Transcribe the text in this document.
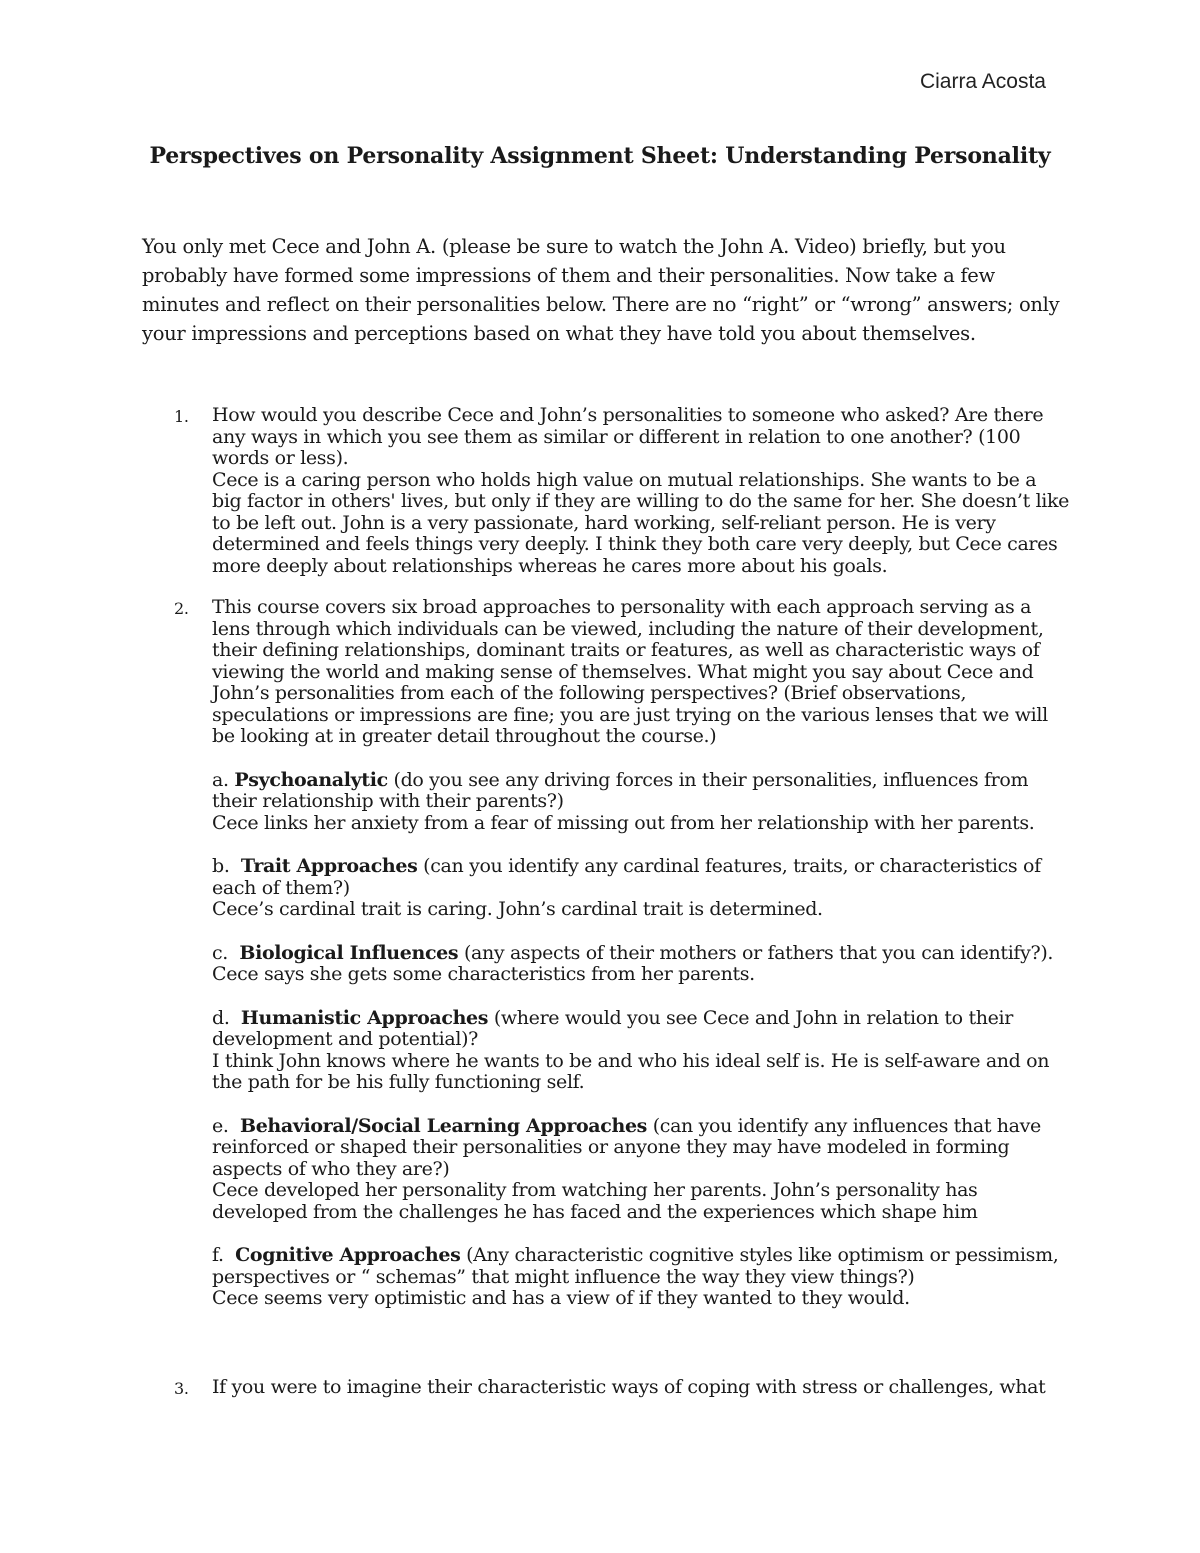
Ciarra Acosta
Perspectives on Personality Assignment Sheet: Understanding Personality

You only met Cece and John A. (please be sure to watch the John A. Video) briefly, but you probably have formed some impressions of them and their personalities. Now take a few minutes and reflect on their personalities below. There are no “right” or “wrong” answers; only your impressions and perceptions based on what they have told you about themselves.

1. How would you describe Cece and John’s personalities to someone who asked? Are there any ways in which you see them as similar or different in relation to one another? (100 words or less).
Cece is a caring person who holds high value on mutual relationships. She wants to be a big factor in others' lives, but only if they are willing to do the same for her. She doesn’t like to be left out. John is a very passionate, hard working, self-reliant person. He is very determined and feels things very deeply. I think they both care very deeply, but Cece cares more deeply about relationships whereas he cares more about his goals.
2. This course covers six broad approaches to personality with each approach serving as a lens through which individuals can be viewed, including the nature of their development, their defining relationships, dominant traits or features, as well as characteristic ways of viewing the world and making sense of themselves. What might you say about Cece and John’s personalities from each of the following perspectives? (Brief observations, speculations or impressions are fine; you are just trying on the various lenses that we will be looking at in greater detail throughout the course.)
a. Psychoanalytic (do you see any driving forces in their personalities, influences from their relationship with their parents?)
Cece links her anxiety from a fear of missing out from her relationship with her parents.
b. Trait Approaches (can you identify any cardinal features, traits, or characteristics of each of them?)
Cece’s cardinal trait is caring. John’s cardinal trait is determined.
c. Biological Influences (any aspects of their mothers or fathers that you can identify?).
Cece says she gets some characteristics from her parents.
d. Humanistic Approaches (where would you see Cece and John in relation to their development and potential)?
I think John knows where he wants to be and who his ideal self is. He is self-aware and on the path for be his fully functioning self.
e. Behavioral/Social Learning Approaches (can you identify any influences that have reinforced or shaped their personalities or anyone they may have modeled in forming aspects of who they are?)
Cece developed her personality from watching her parents. John’s personality has developed from the challenges he has faced and the experiences which shape him
f. Cognitive Approaches (Any characteristic cognitive styles like optimism or pessimism, perspectives or “ schemas” that might influence the way they view things?)
Cece seems very optimistic and has a view of if they wanted to they would.
3. If you were to imagine their characteristic ways of coping with stress or challenges, what
